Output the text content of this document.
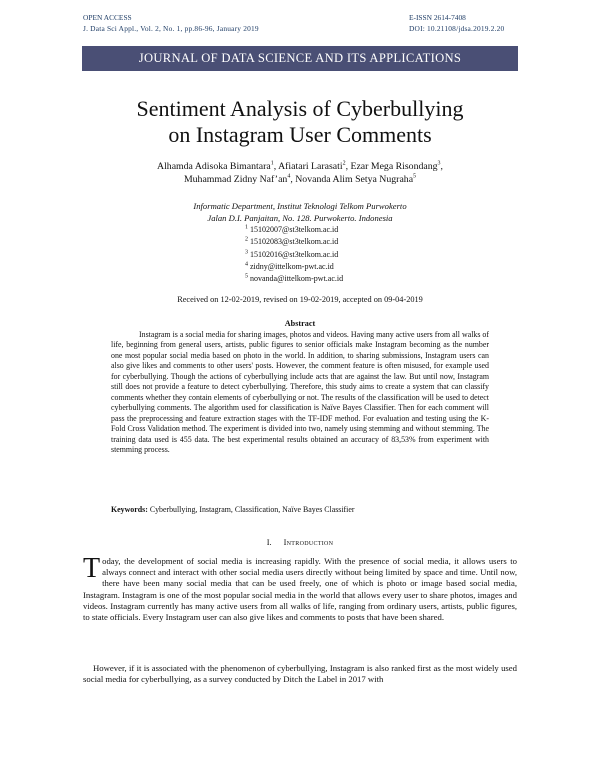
OPEN ACCESS
J. Data Sci Appl., Vol. 2, No. 1, pp.86-96, January 2019
E-ISSN 2614-7408
DOI: 10.21108/jdsa.2019.2.20
JOURNAL OF DATA SCIENCE AND ITS APPLICATIONS
Sentiment Analysis of Cyberbullying
on Instagram User Comments
Alhamda Adisoka Bimantara$^1$, Afiatari Larasati$^2$, Ezar Mega Risondang$^3$,
Muhammad Zidny $Naf’an^4$, Novanda Alim Setya Nugraha$^5$
Informatic Department, Institut Teknologi Telkom Purwokerto
Jalan D.I. Panjaitan, No. 128. Purwokerto. Indonesia
$^1$ 15102007@st3telkom.ac.id
$^2$ 15102083@st3telkom.ac.id
$^3$ 15102016@st3telkom.ac.id
$^4$ zidny@ittelkom-pwt.ac.id
$^5$ novanda@ittelkom-pwt.ac.id
Received on 12-02-2019, revised on 19-02-2019, accepted on 09-04-2019
Abstract
Instagram is a social media for sharing images, photos and videos. Having many active users from all walks of life, beginning from general users, artists, public figures to senior officials make Instagram becoming as the number one most popular social media based on photo in the world. In addition, to sharing submissions, Instagram users can also give likes and comments to other users' posts. However, the comment feature is often misused, for example used for cyberbullying. Though the actions of cyberbullying include acts that are against the law. But until now, Instagram still does not provide a feature to detect cyberbullying. Therefore, this study aims to create a system that can classify comments whether they contain elements of cyberbullying or not. The results of the classification will be used to detect cyberbullying comments. The algorithm used for classification is Naïve Bayes Classifier. Then for each comment will pass the preprocessing and feature extraction stages with the TF-IDF method. For evaluation and testing using the K-Fold Cross Validation method. The experiment is divided into two, namely using stemming and without stemming. The training data used is 455 data. The best experimental results obtained an accuracy of 83,53% from experiment with stemming process.
Keywords: Cyberbullying, Instagram, Classification, Naïve Bayes Classifier
I. Introduction
Today, the development of social media is increasing rapidly. With the presence of social media, it allows users to always connect and interact with other social media users directly without being limited by space and time. Until now, there have been many social media that can be used freely, one of which is photo or image based social media, Instagram. Instagram is one of the most popular social media in the world that allows every user to share photos, images and videos. Instagram currently has many active users from all walks of life, ranging from ordinary users, artists, public figures, to state officials. Every Instagram user can also give likes and comments to posts that have been shared.
However, if it is associated with the phenomenon of cyberbullying, Instagram is also ranked first as the most widely used social media for cyberbullying, as a survey conducted by Ditch the Label in 2017 with
